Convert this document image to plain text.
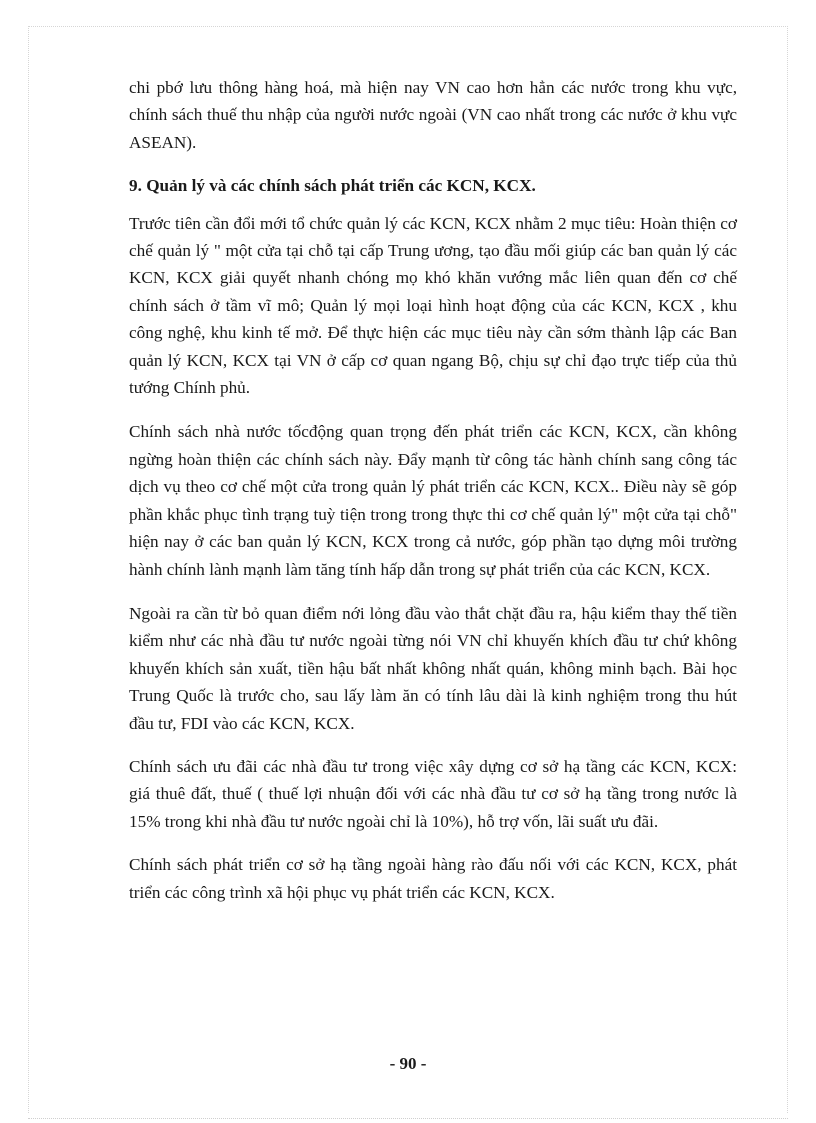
chi pbớ lưu thông hàng hoá, mà hiện nay VN cao hơn hẳn các nước trong khu vực, chính sách thuế thu nhập của người nước ngoài (VN cao nhất trong các nước ở khu vực ASEAN).

9. Quản lý và các chính sách phát triển các KCN, KCX.

Trước tiên cần đổi mới tổ chức quản lý các KCN, KCX nhằm 2 mục tiêu: Hoàn thiện cơ chế quản lý " một cửa tại chỗ tại cấp Trung ương, tạo đầu mối giúp các ban quản lý các KCN, KCX giải quyết nhanh chóng mọ khó khăn vướng mắc liên quan đến cơ chế chính sách ở tầm vĩ mô; Quản lý mọi loại hình hoạt động của các KCN, KCX , khu công nghệ, khu kinh tế mở. Để thực hiện các mục tiêu này cần sớm thành lập các Ban quản lý KCN, KCX tại VN ở cấp cơ quan ngang Bộ, chịu sự chỉ đạo trực tiếp của thủ tướng Chính phủ.

Chính sách nhà nước tốcđộng quan trọng đến phát triển các KCN, KCX, cần không ngừng hoàn thiện các chính sách này. Đẩy mạnh từ công tác hành chính sang công tác dịch vụ theo cơ chế một cửa trong quản lý phát triển các KCN, KCX.. Điều này sẽ góp phần khắc phục tình trạng tuỳ tiện trong trong thực thi cơ chế quản lý" một cửa tại chỗ" hiện nay ở các ban quản lý KCN, KCX trong cả nước, góp phần tạo dựng môi trường hành chính lành mạnh làm tăng tính hấp dẫn trong sự phát triển của các KCN, KCX.

Ngoài ra cần từ bỏ quan điểm nới lỏng đầu vào thắt chặt đầu ra, hậu kiểm thay thế tiền kiểm như các nhà đầu tư nước ngoài từng nói VN chỉ khuyến khích đầu tư chứ không khuyến khích sản xuất, tiền hậu bất nhất không nhất quán, không minh bạch. Bài học Trung Quốc là trước cho, sau lấy làm ăn có tính lâu dài là kinh nghiệm trong thu hút đầu tư, FDI vào các KCN, KCX.

Chính sách ưu đãi các nhà đầu tư trong việc xây dựng cơ sở hạ tầng các KCN, KCX: giá thuê đất, thuế ( thuế lợi nhuận đối với các nhà đầu tư cơ sở hạ tầng trong nước là 15% trong khi nhà đầu tư nước ngoài chỉ là 10%), hỗ trợ vốn, lãi suất ưu đãi.

Chính sách phát triển cơ sở hạ tầng ngoài hàng rào đấu nối với các KCN, KCX, phát triển các công trình xã hội phục vụ phát triển các KCN, KCX.

- 90 -
